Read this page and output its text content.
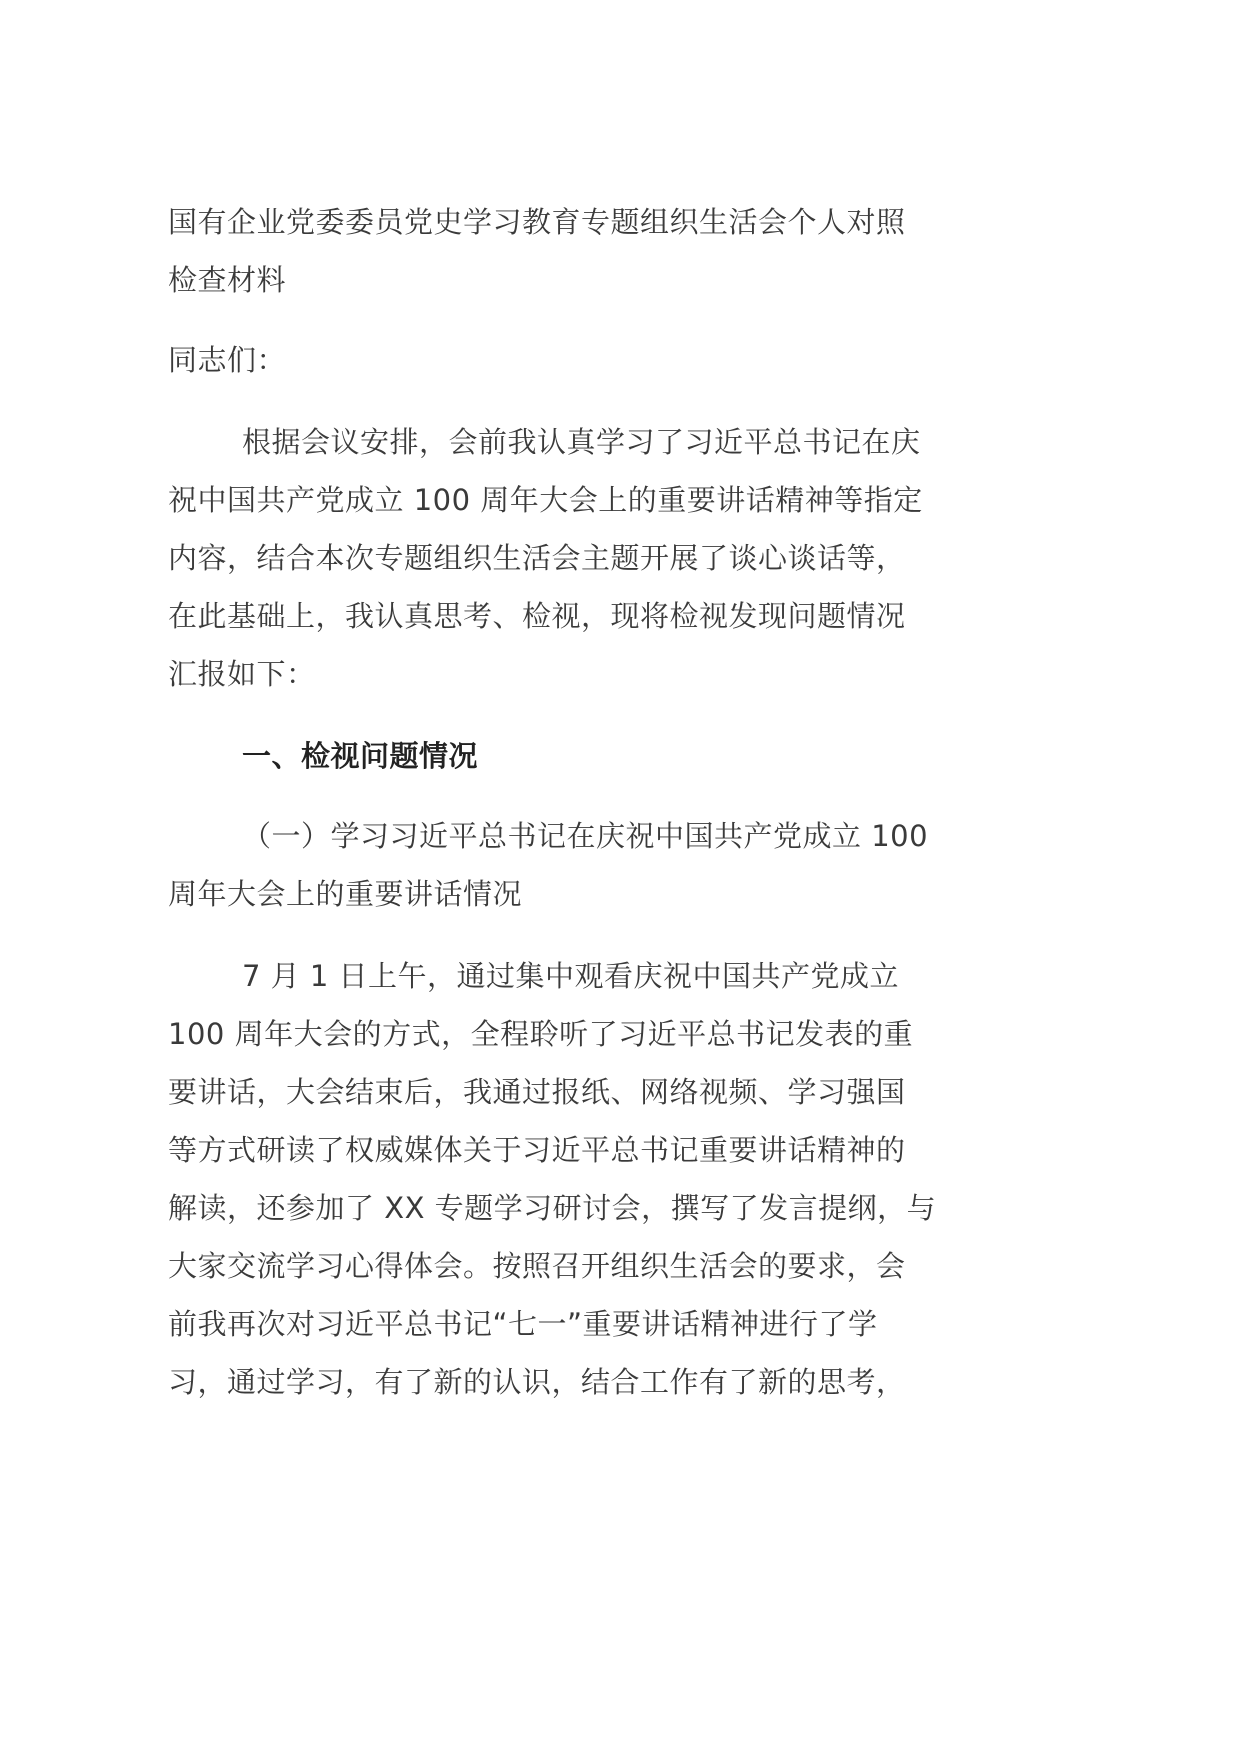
国有企业党委委员党史学习教育专题组织生活会个人对照
检查材料
同志们：
根据会议安排，会前我认真学习了习近平总书记在庆
祝中国共产党成立 100 周年大会上的重要讲话精神等指定
内容，结合本次专题组织生活会主题开展了谈心谈话等，
在此基础上，我认真思考、检视，现将检视发现问题情况
汇报如下：
一、检视问题情况
（一）学习习近平总书记在庆祝中国共产党成立 100
周年大会上的重要讲话情况
7 月 1 日上午，通过集中观看庆祝中国共产党成立
100 周年大会的方式，全程聆听了习近平总书记发表的重
要讲话，大会结束后，我通过报纸、网络视频、学习强国
等方式研读了权威媒体关于习近平总书记重要讲话精神的
解读，还参加了 XX 专题学习研讨会，撰写了发言提纲，与
大家交流学习心得体会。按照召开组织生活会的要求，会
前我再次对习近平总书记“七一”重要讲话精神进行了学
习，通过学习，有了新的认识，结合工作有了新的思考，
